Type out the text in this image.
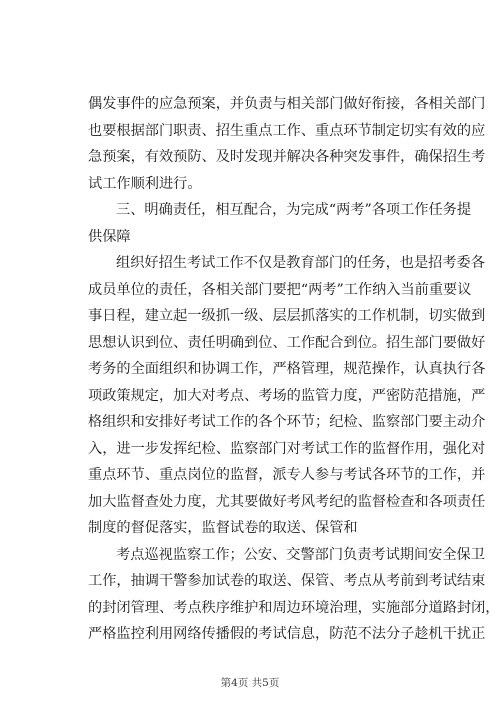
偶发事件的应急预案，并负责与相关部门做好衔接，各相关部门
也要根据部门职责、招生重点工作、重点环节制定切实有效的应
急预案，有效预防、及时发现并解决各种突发事件，确保招生考
试工作顺利进行。
三、明确责任，相互配合，为完成“两考”各项工作任务提
供保障
组织好招生考试工作不仅是教育部门的任务，也是招考委各
成员单位的责任，各相关部门要把“两考”工作纳入当前重要议
事日程，建立起一级抓一级、层层抓落实的工作机制，切实做到
思想认识到位、责任明确到位、工作配合到位。招生部门要做好
考务的全面组织和协调工作，严格管理，规范操作，认真执行各
项政策规定，加大对考点、考场的监管力度，严密防范措施，严
格组织和安排好考试工作的各个环节；纪检、监察部门要主动介
入，进一步发挥纪检、监察部门对考试工作的监督作用，强化对
重点环节、重点岗位的监督，派专人参与考试各环节的工作，并
加大监督查处力度，尤其要做好考风考纪的监督检查和各项责任
制度的督促落实，监督试卷的取送、保管和
考点巡视监察工作；公安、交警部门负责考试期间安全保卫
工作，抽调干警参加试卷的取送、保管、考点从考前到考试结束
的封闭管理、考点秩序维护和周边环境治理，实施部分道路封闭，
严格监控利用网络传播假的考试信息，防范不法分子趁机干扰正
第4页 共5页
